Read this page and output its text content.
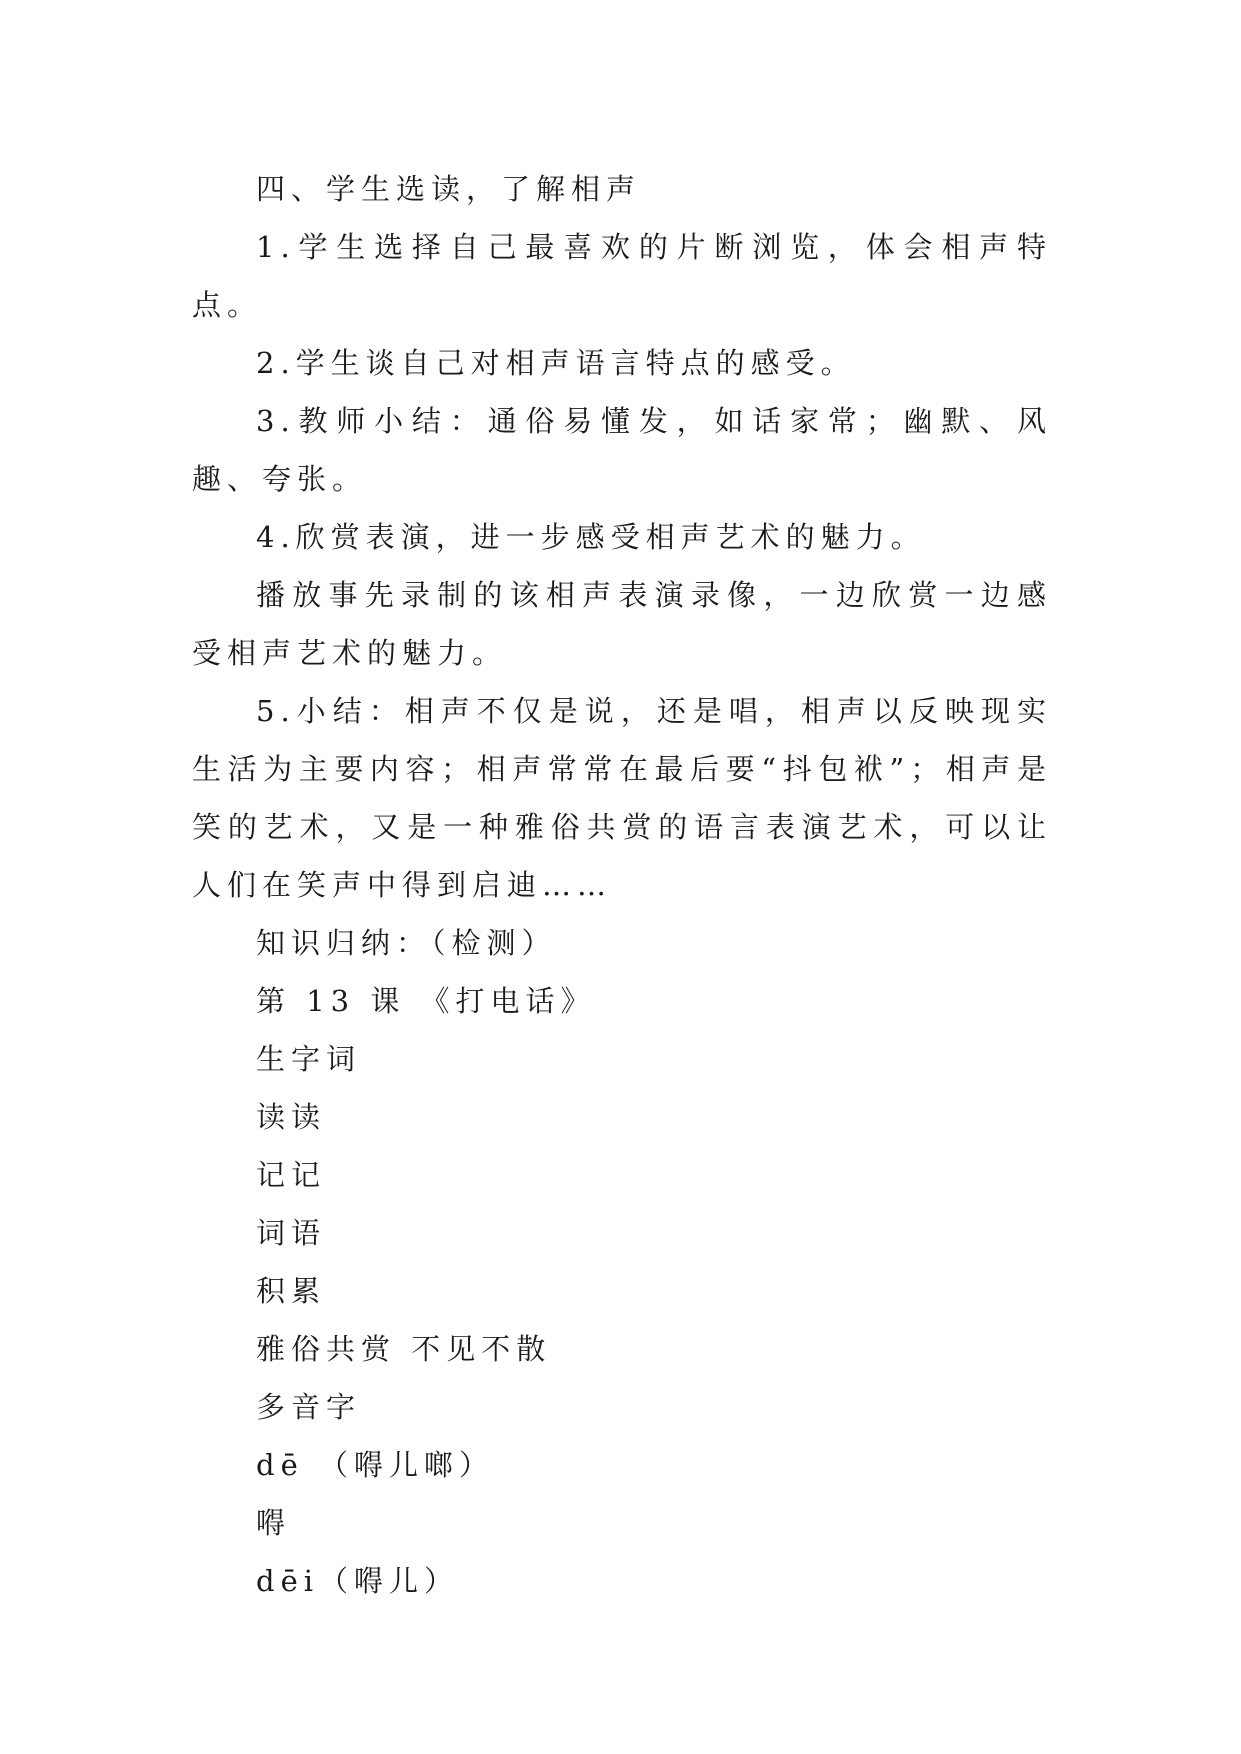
四、学生选读，了解相声

1.学生选择自己最喜欢的片断浏览，体会相声特点。

2.学生谈自己对相声语言特点的感受。

3.教师小结：通俗易懂发，如话家常；幽默、风趣、夸张。

4.欣赏表演，进一步感受相声艺术的魅力。

播放事先录制的该相声表演录像，一边欣赏一边感受相声艺术的魅力。

5.小结：相声不仅是说，还是唱，相声以反映现实生活为主要内容；相声常常在最后要“抖包袱”；相声是笑的艺术，又是一种雅俗共赏的语言表演艺术，可以让人们在笑声中得到启迪……

知识归纳：（检测）

第 13 课 《打电话》

生字词

读读

记记

词语

积累

雅俗共赏 不见不散

多音字

dē （嘚儿啷）

嘚

dēi（嘚儿）
